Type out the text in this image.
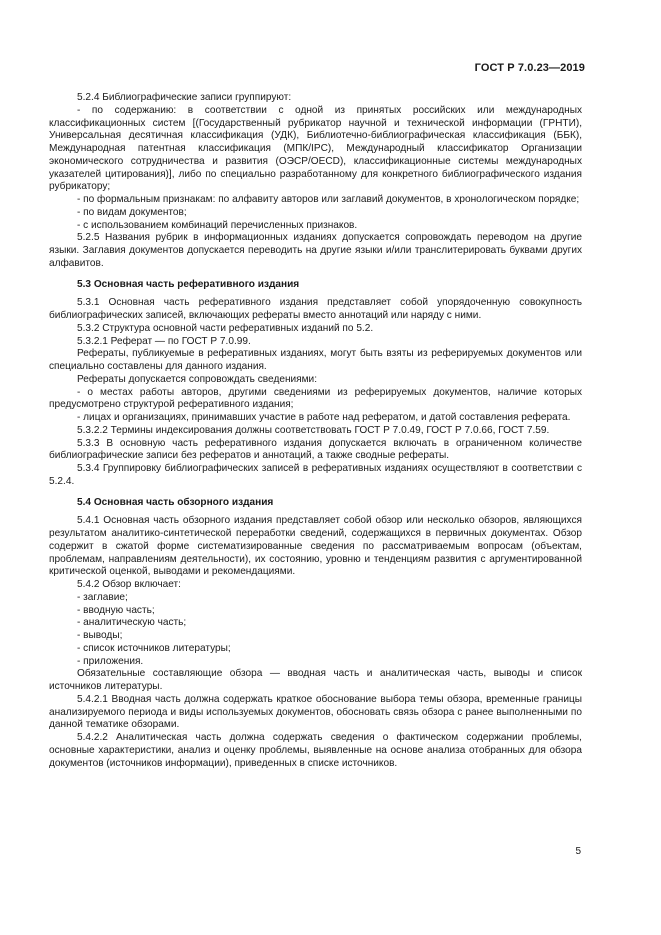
ГОСТ Р 7.0.23—2019

5.2.4 Библиографические записи группируют:

- по содержанию: в соответствии с одной из принятых российских или международных классификационных систем [(Государственный рубрикатор научной и технической информации (ГРНТИ), Универсальная десятичная классификация (УДК), Библиотечно-библиографическая классификация (ББК), Международная патентная классификация (МПК/IPC), Международный классификатор Организации экономического сотрудничества и развития (ОЭСР/OECD), классификационные системы международных указателей цитирования)], либо по специально разработанному для конкретного библиографического издания рубрикатору;

- по формальным признакам: по алфавиту авторов или заглавий документов, в хронологическом порядке;

- по видам документов;

- с использованием комбинаций перечисленных признаков.

5.2.5 Названия рубрик в информационных изданиях допускается сопровождать переводом на другие языки. Заглавия документов допускается переводить на другие языки и/или транслитерировать буквами других алфавитов.

5.3 Основная часть реферативного издания

5.3.1 Основная часть реферативного издания представляет собой упорядоченную совокупность библиографических записей, включающих рефераты вместо аннотаций или наряду с ними.

5.3.2 Структура основной части реферативных изданий по 5.2.

5.3.2.1 Реферат — по ГОСТ Р 7.0.99.

Рефераты, публикуемые в реферативных изданиях, могут быть взяты из реферируемых документов или специально составлены для данного издания.

Рефераты допускается сопровождать сведениями:

- о местах работы авторов, другими сведениями из реферируемых документов, наличие которых предусмотрено структурой реферативного издания;

- лицах и организациях, принимавших участие в работе над рефератом, и датой составления реферата.

5.3.2.2 Термины индексирования должны соответствовать ГОСТ Р 7.0.49, ГОСТ Р 7.0.66, ГОСТ 7.59.

5.3.3 В основную часть реферативного издания допускается включать в ограниченном количестве библиографические записи без рефератов и аннотаций, а также сводные рефераты.

5.3.4 Группировку библиографических записей в реферативных изданиях осуществляют в соответствии с 5.2.4.

5.4 Основная часть обзорного издания

5.4.1 Основная часть обзорного издания представляет собой обзор или несколько обзоров, являющихся результатом аналитико-синтетической переработки сведений, содержащихся в первичных документах. Обзор содержит в сжатой форме систематизированные сведения по рассматриваемым вопросам (объектам, проблемам, направлениям деятельности), их состоянию, уровню и тенденциям развития с аргументированной критической оценкой, выводами и рекомендациями.

5.4.2 Обзор включает:

- заглавие;

- вводную часть;

- аналитическую часть;

- выводы;

- список источников литературы;

- приложения.

Обязательные составляющие обзора — вводная часть и аналитическая часть, выводы и список источников литературы.

5.4.2.1 Вводная часть должна содержать краткое обоснование выбора темы обзора, временные границы анализируемого периода и виды используемых документов, обосновать связь обзора с ранее выполненными по данной тематике обзорами.

5.4.2.2 Аналитическая часть должна содержать сведения о фактическом содержании проблемы, основные характеристики, анализ и оценку проблемы, выявленные на основе анализа отобранных для обзора документов (источников информации), приведенных в списке источников.

5
